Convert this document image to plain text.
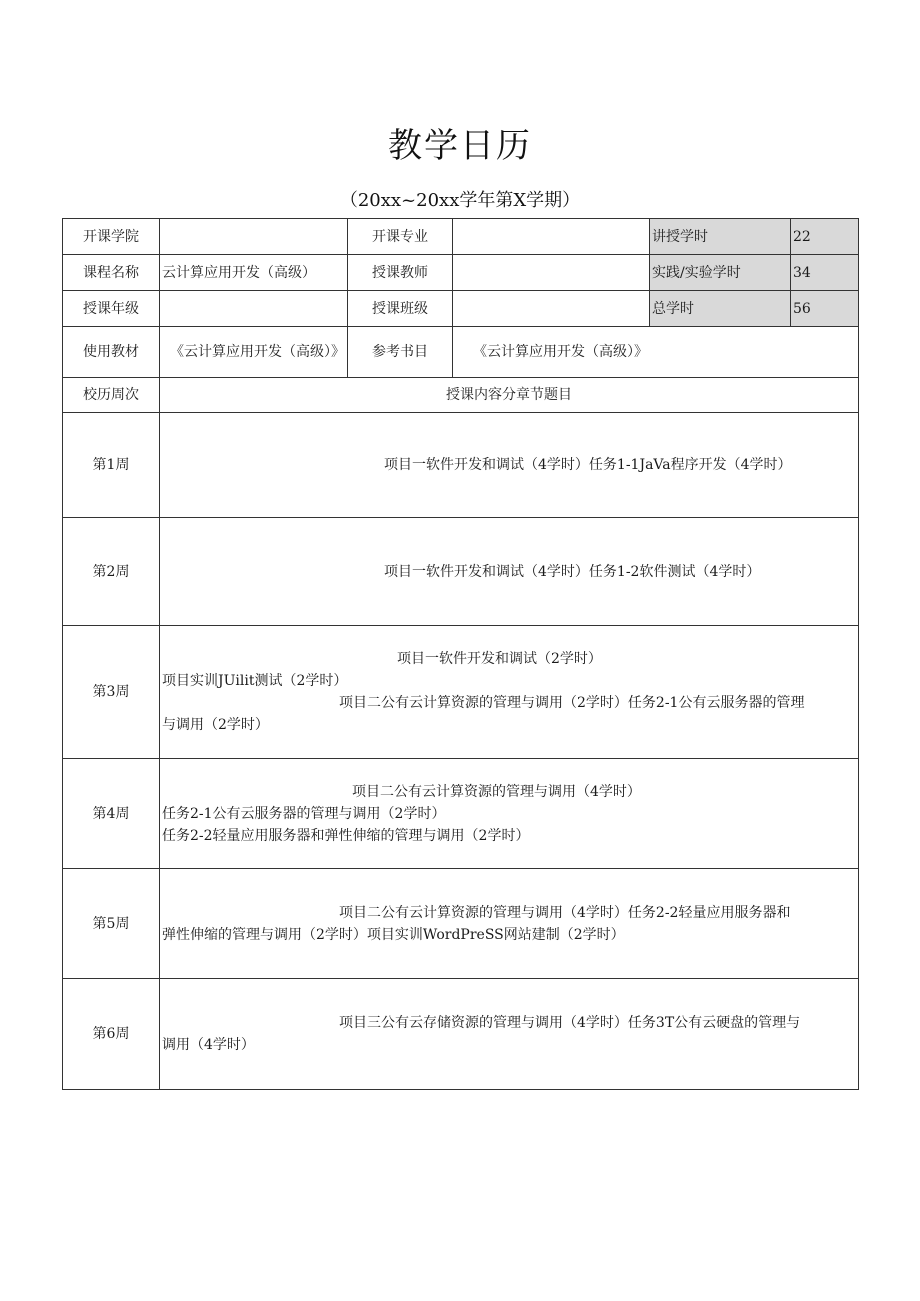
教学日历
（20xx~20xx学年第X学期）
开课学院		开课专业		讲授学时	22
课程名称	云计算应用开发（高级）	授课教师		实践/实验学时	34
授课年级		授课班级		总学时	56
使用教材	《云计算应用开发（高级）》	参考书目	《云计算应用开发（高级）》		
校历周次	授课内容分章节题目				
第1周	项目一软件开发和调试（4学时）任务1-1JaVa程序开发（4学时）				

第2周	项目一软件开发和调试（4学时）任务1-2软件测试（4学时）				

第3周	项目一软件开发和调试（2学时）
项目实训JUilit测试（2学时）
项目二公有云计算资源的管理与调用（2学时）任务2-1公有云服务器的管理
与调用（2学时）				

第4周	项目二公有云计算资源的管理与调用（4学时）
任务2-1公有云服务器的管理与调用（2学时）
任务2-2轻量应用服务器和弹性伸缩的管理与调用（2学时）				

第5周	项目二公有云计算资源的管理与调用（4学时）任务2-2轻量应用服务器和
弹性伸缩的管理与调用（2学时）项目实训WordPreSS网站建制（2学时）				

第6周	项目三公有云存储资源的管理与调用（4学时）任务3T公有云硬盘的管理与
调用（4学时）				
